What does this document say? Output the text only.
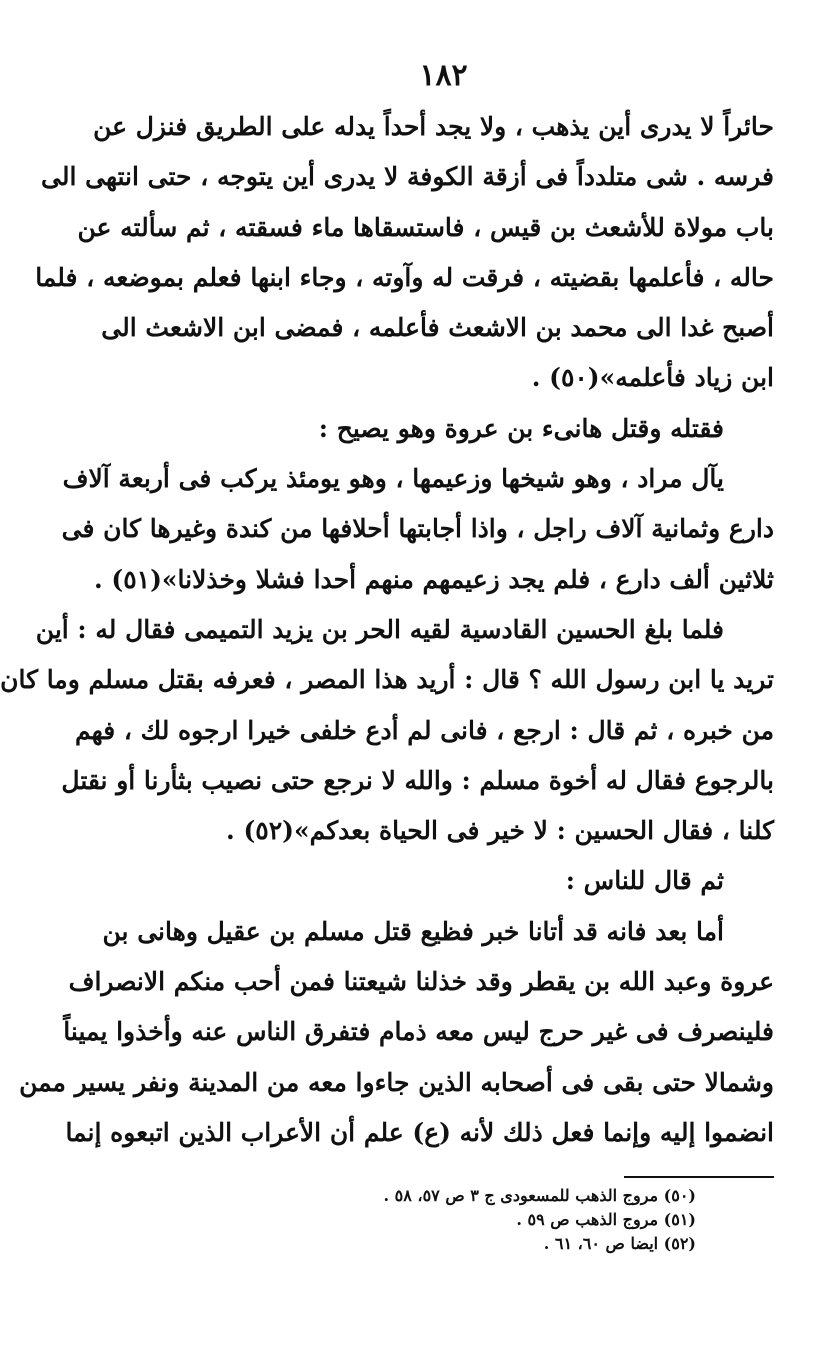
١٨٢
حائراً لا يدرى أين يذهب ، ولا يجد أحداً يدله على الطريق فنزل عن
فرسه . شى متلدداً فى أزقة الكوفة لا يدرى أين يتوجه ، حتى انتهى الى
باب مولاة للأشعث بن قيس ، فاستسقاها ماء فسقته ، ثم سألته عن
حاله ، فأعلمها بقضيته ، فرقت له وآوته ، وجاء ابنها فعلم بموضعه ، فلما
أصبح غدا الى محمد بن الاشعث فأعلمه ، فمضى ابن الاشعث الى
ابن زياد فأعلمه»(٥٠) .
فقتله وقتل هانىء بن عروة وهو يصيح :
يآل مراد ، وهو شيخها وزعيمها ، وهو يومئذ يركب فى أربعة آلاف
دارع وثمانية آلاف راجل ، واذا أجابتها أحلافها من كندة وغيرها كان فى
ثلاثين ألف دارع ، فلم يجد زعيمهم منهم أحدا فشلا وخذلانا»(٥١) .
فلما بلغ الحسين القادسية لقيه الحر بن يزيد التميمى فقال له : أين
تريد يا ابن رسول الله ؟ قال : أريد هذا المصر ، فعرفه بقتل مسلم وما كان
من خبره ، ثم قال : ارجع ، فانى لم أدع خلفى خيرا ارجوه لك ، فهم
بالرجوع فقال له أخوة مسلم : والله لا نرجع حتى نصيب بثأرنا أو نقتل
كلنا ، فقال الحسين : لا خير فى الحياة بعدكم»(٥٢) .
ثم قال للناس :
أما بعد فانه قد أتانا خبر فظيع قتل مسلم بن عقيل وهانى بن
عروة وعبد الله بن يقطر وقد خذلنا شيعتنا فمن أحب منكم الانصراف
فلينصرف فى غير حرج ليس معه ذمام فتفرق الناس عنه وأخذوا يميناً
وشمالا حتى بقى فى أصحابه الذين جاءوا معه من المدينة ونفر يسير ممن
انضموا إليه وإنما فعل ذلك لأنه (ع) علم أن الأعراب الذين اتبعوه إنما
(٥٠) مروج الذهب للمسعودى ج ٣ ص ٥٧، ٥٨ .
(٥١) مروج الذهب ص ٥٩ .
(٥٢) ايضا ص ٦٠، ٦١ .
